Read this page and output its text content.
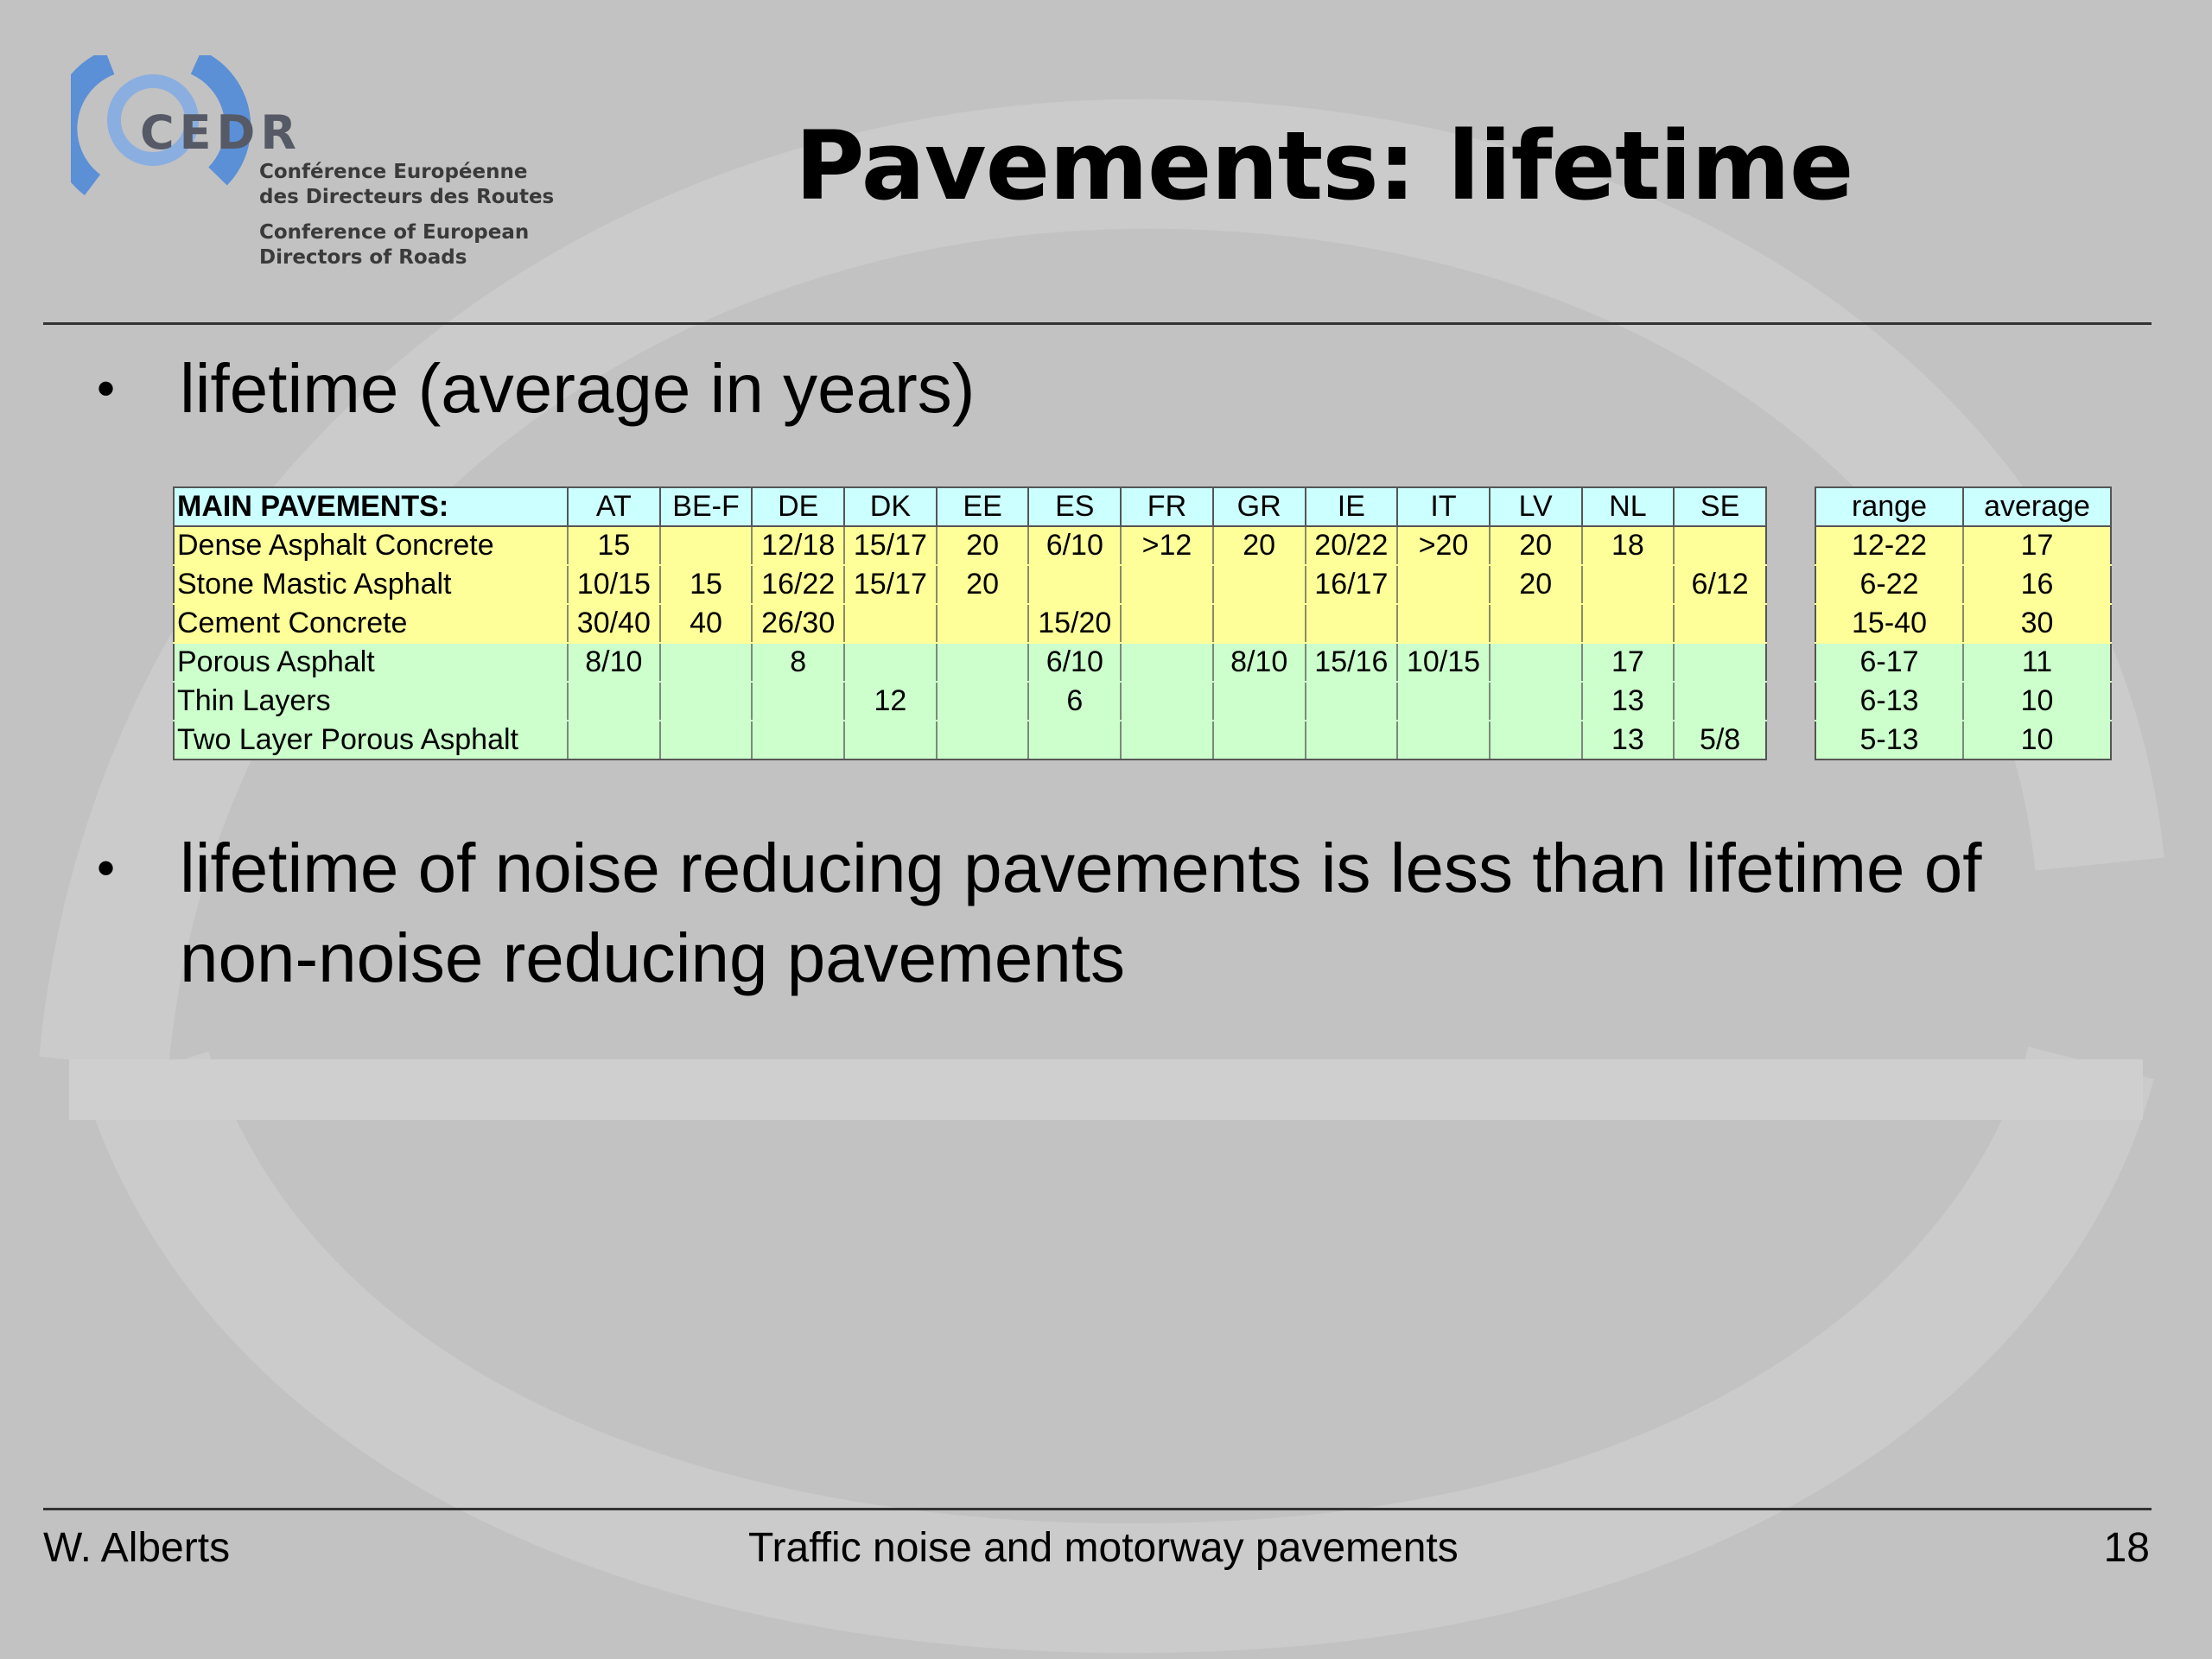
CEDR
Conférence Européenne
des Directeurs des Routes
Conference of European
Directors of Roads
Pavements: lifetime
• lifetime (average in years)
MAIN PAVEMENTS:	AT	BE-F	DE	DK	EE	ES	FR	GR	IE	IT	LV	NL	SE
Dense Asphalt Concrete	15		12/18	15/17	20	6/10	>12	20	20/22	>20	20	18	
Stone Mastic Asphalt	10/15	15	16/22	15/17	20				16/17		20		6/12
Cement Concrete	30/40	40	26/30			15/20							
Porous Asphalt	8/10		8			6/10		8/10	15/16	10/15		17	
Thin Layers				12		6						13	
Two Layer Porous Asphalt												13	5/8
range	average
12-22	17
6-22	16
15-40	30
6-17	11
6-13	10
5-13	10
• lifetime of noise reducing pavements is less than lifetime of
non-noise reducing pavements
W. Alberts	Traffic noise and motorway pavements	18
